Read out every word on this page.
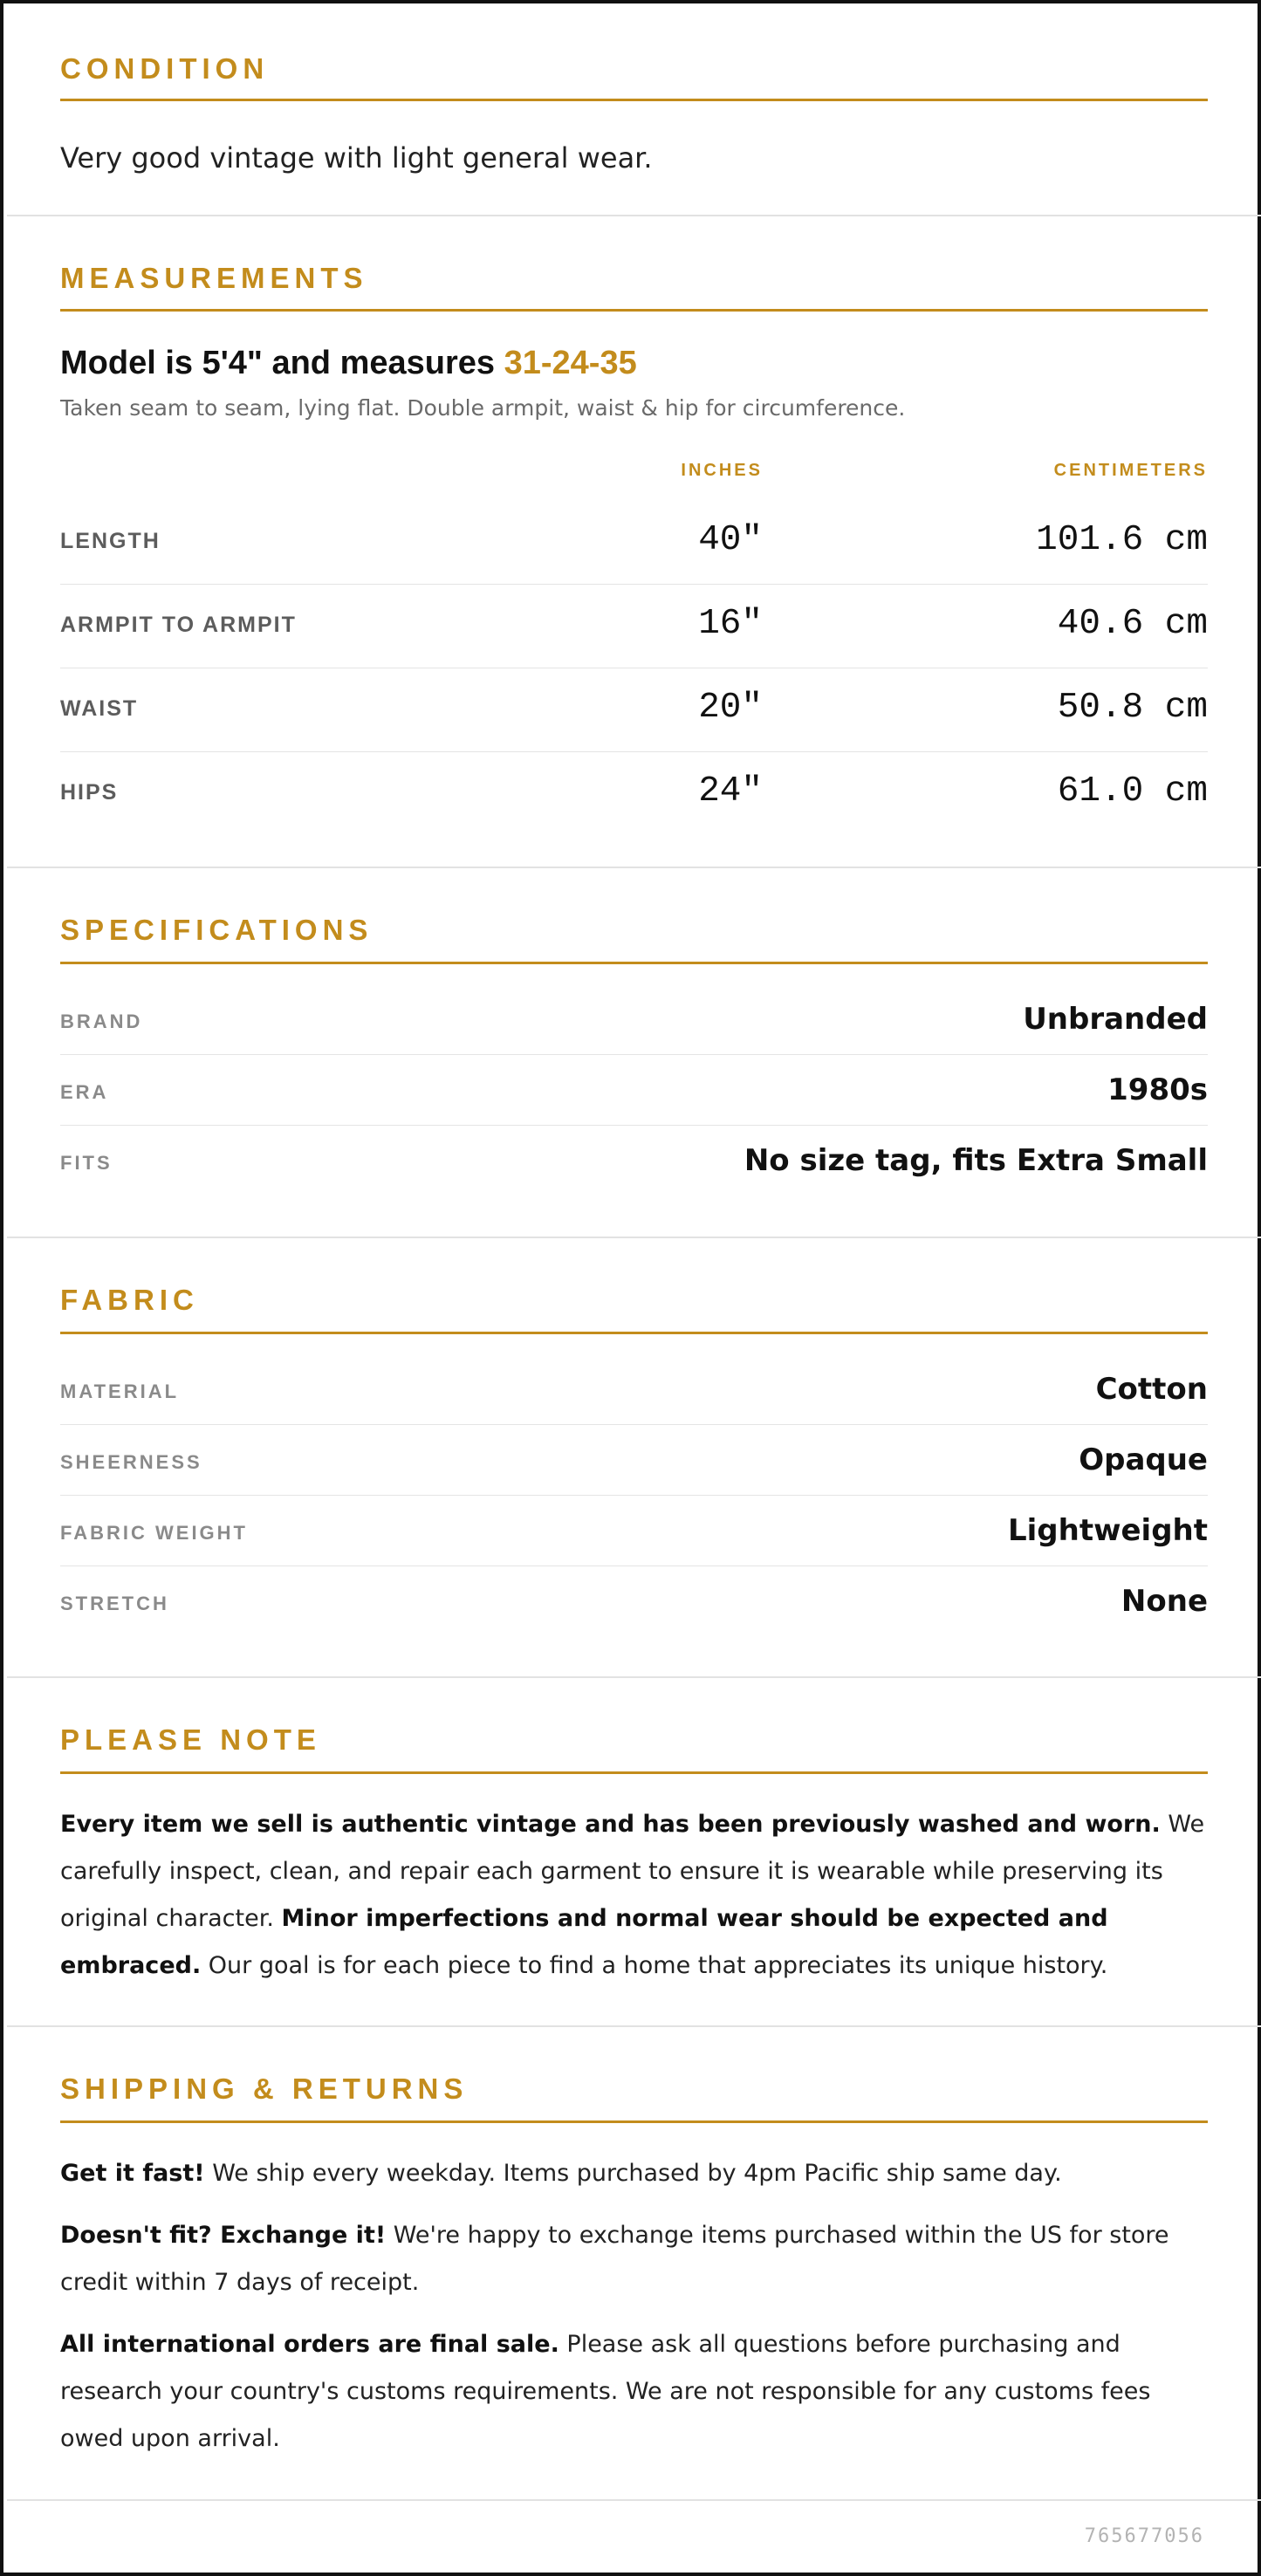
CONDITION
Very good vintage with light general wear.
MEASUREMENTS
Model is 5'4" and measures 31-24-35
Taken seam to seam, lying flat. Double armpit, waist & hip for circumference.
INCHES	CENTIMETERS
LENGTH	40"	101.6 cm
ARMPIT TO ARMPIT	16"	40.6 cm
WAIST	20"	50.8 cm
HIPS	24"	61.0 cm
SPECIFICATIONS
BRAND	Unbranded
ERA	1980s
FITS	No size tag, fits Extra Small
FABRIC
MATERIAL	Cotton
SHEERNESS	Opaque
FABRIC WEIGHT	Lightweight
STRETCH	None
PLEASE NOTE

Every item we sell is authentic vintage and has been previously washed and worn. We carefully inspect, clean, and repair each garment to ensure it is wearable while preserving its original character. Minor imperfections and normal wear should be expected and embraced. Our goal is for each piece to find a home that appreciates its unique history.

SHIPPING & RETURNS

Get it fast! We ship every weekday. Items purchased by 4pm Pacific ship same day.

Doesn't fit? Exchange it! We're happy to exchange items purchased within the US for store credit within 7 days of receipt.

All international orders are final sale. Please ask all questions before purchasing and research your country's customs requirements. We are not responsible for any customs fees owed upon arrival.

765677056
